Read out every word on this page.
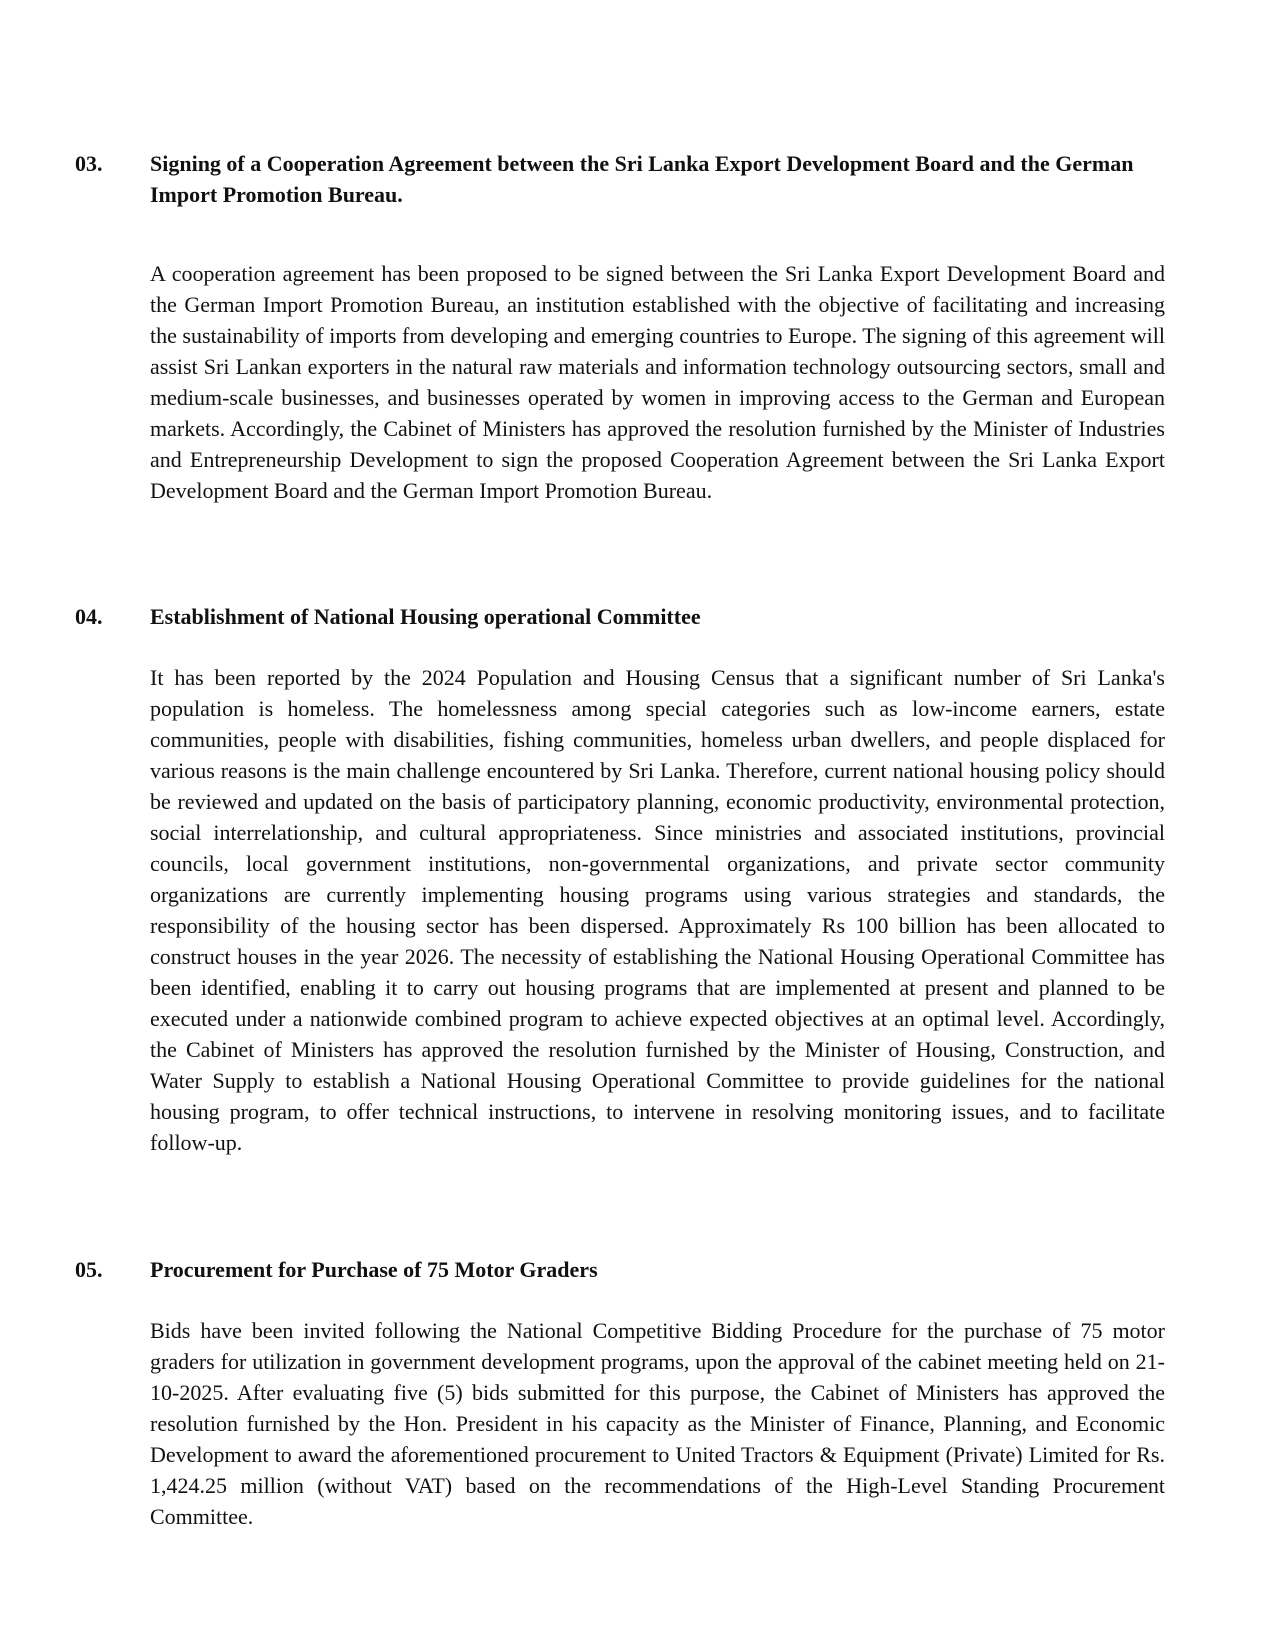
03. Signing of a Cooperation Agreement between the Sri Lanka Export Development Board and the German Import Promotion Bureau.
A cooperation agreement has been proposed to be signed between the Sri Lanka Export Development Board and the German Import Promotion Bureau, an institution established with the objective of facilitating and increasing the sustainability of imports from developing and emerging countries to Europe. The signing of this agreement will assist Sri Lankan exporters in the natural raw materials and information technology outsourcing sectors, small and medium-scale businesses, and businesses operated by women in improving access to the German and European markets. Accordingly, the Cabinet of Ministers has approved the resolution furnished by the Minister of Industries and Entrepreneurship Development to sign the proposed Cooperation Agreement between the Sri Lanka Export Development Board and the German Import Promotion Bureau.
04. Establishment of National Housing operational Committee
It has been reported by the 2024 Population and Housing Census that a significant number of Sri Lanka's population is homeless. The homelessness among special categories such as low-income earners, estate communities, people with disabilities, fishing communities, homeless urban dwellers, and people displaced for various reasons is the main challenge encountered by Sri Lanka. Therefore, current national housing policy should be reviewed and updated on the basis of participatory planning, economic productivity, environmental protection, social interrelationship, and cultural appropriateness. Since ministries and associated institutions, provincial councils, local government institutions, non-governmental organizations, and private sector community organizations are currently implementing housing programs using various strategies and standards, the responsibility of the housing sector has been dispersed. Approximately Rs 100 billion has been allocated to construct houses in the year 2026. The necessity of establishing the National Housing Operational Committee has been identified, enabling it to carry out housing programs that are implemented at present and planned to be executed under a nationwide combined program to achieve expected objectives at an optimal level. Accordingly, the Cabinet of Ministers has approved the resolution furnished by the Minister of Housing, Construction, and Water Supply to establish a National Housing Operational Committee to provide guidelines for the national housing program, to offer technical instructions, to intervene in resolving monitoring issues, and to facilitate follow-up.
05. Procurement for Purchase of 75 Motor Graders
Bids have been invited following the National Competitive Bidding Procedure for the purchase of 75 motor graders for utilization in government development programs, upon the approval of the cabinet meeting held on 21-10-2025. After evaluating five (5) bids submitted for this purpose, the Cabinet of Ministers has approved the resolution furnished by the Hon. President in his capacity as the Minister of Finance, Planning, and Economic Development to award the aforementioned procurement to United Tractors & Equipment (Private) Limited for Rs. 1,424.25 million (without VAT) based on the recommendations of the High-Level Standing Procurement Committee.
